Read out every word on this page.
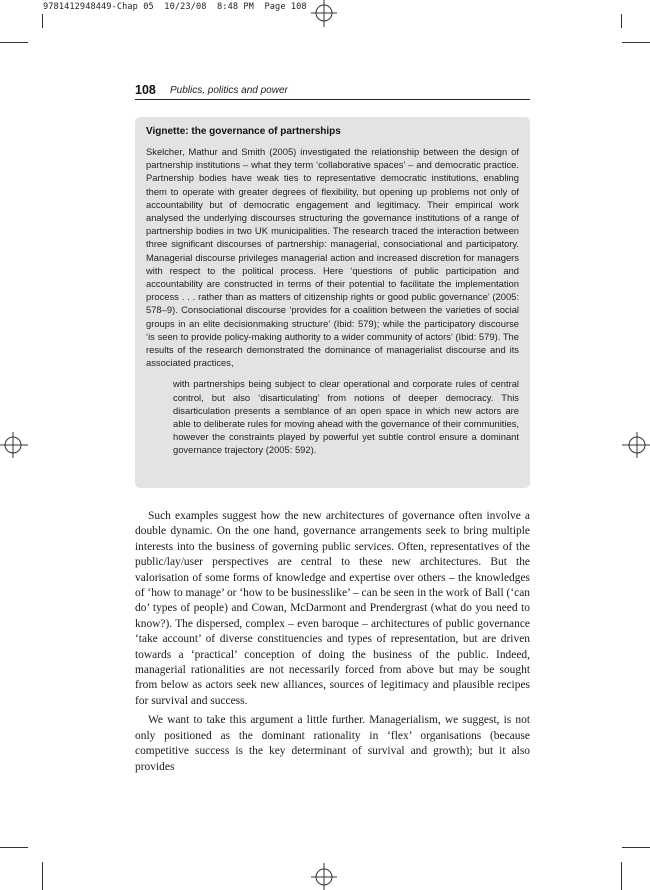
9781412948449-Chap 05  10/23/08  8:48 PM  Page 108
108 Publics, politics and power
Vignette: the governance of partnerships

Skelcher, Mathur and Smith (2005) investigated the relationship between the design of partnership institutions – what they term ‘collaborative spaces’ – and democratic practice. Partnership bodies have weak ties to representative democratic institutions, enabling them to operate with greater degrees of flexibility, but opening up problems not only of accountability but of democratic engagement and legitimacy. Their empirical work analysed the underlying discourses structuring the governance institutions of a range of partnership bodies in two UK municipalities. The research traced the interaction between three significant discourses of partnership: managerial, consociational and participatory. Managerial discourse privileges managerial action and increased discretion for managers with respect to the political process. Here ‘questions of public participation and accountability are constructed in terms of their potential to facilitate the implementation process . . . rather than as matters of citizenship rights or good public governance’ (2005: 578–9). Consociational discourse ‘provides for a coalition between the varieties of social groups in an elite decisionmaking structure’ (Ibid: 579); while the participatory discourse ‘is seen to provide policy-making authority to a wider community of actors’ (Ibid: 579). The results of the research demonstrated the dominance of managerialist discourse and its associated practices,

with partnerships being subject to clear operational and corporate rules of central control, but also ‘disarticulating’ from notions of deeper democracy. This disarticulation presents a semblance of an open space in which new actors are able to deliberate rules for moving ahead with the governance of their communities, however the constraints played by powerful yet subtle control ensure a dominant governance trajectory (2005: 592).

Such examples suggest how the new architectures of governance often involve a double dynamic. On the one hand, governance arrangements seek to bring multiple interests into the business of governing public services. Often, representatives of the public/lay/user perspectives are central to these new architectures. But the valorisation of some forms of knowledge and expertise over others – the knowledges of ‘how to manage’ or ‘how to be businesslike’ – can be seen in the work of Ball (‘can do’ types of people) and Cowan, McDarmont and Prendergrast (what do you need to know?). The dispersed, complex – even baroque – architectures of public governance ‘take account’ of diverse constituencies and types of representation, but are driven towards a ‘practical’ conception of doing the business of the public. Indeed, managerial rationalities are not necessarily forced from above but may be sought from below as actors seek new alliances, sources of legitimacy and plausible recipes for survival and success.

We want to take this argument a little further. Managerialism, we suggest, is not only positioned as the dominant rationality in ‘flex’ organisations (because competitive success is the key determinant of survival and growth); but it also provides
